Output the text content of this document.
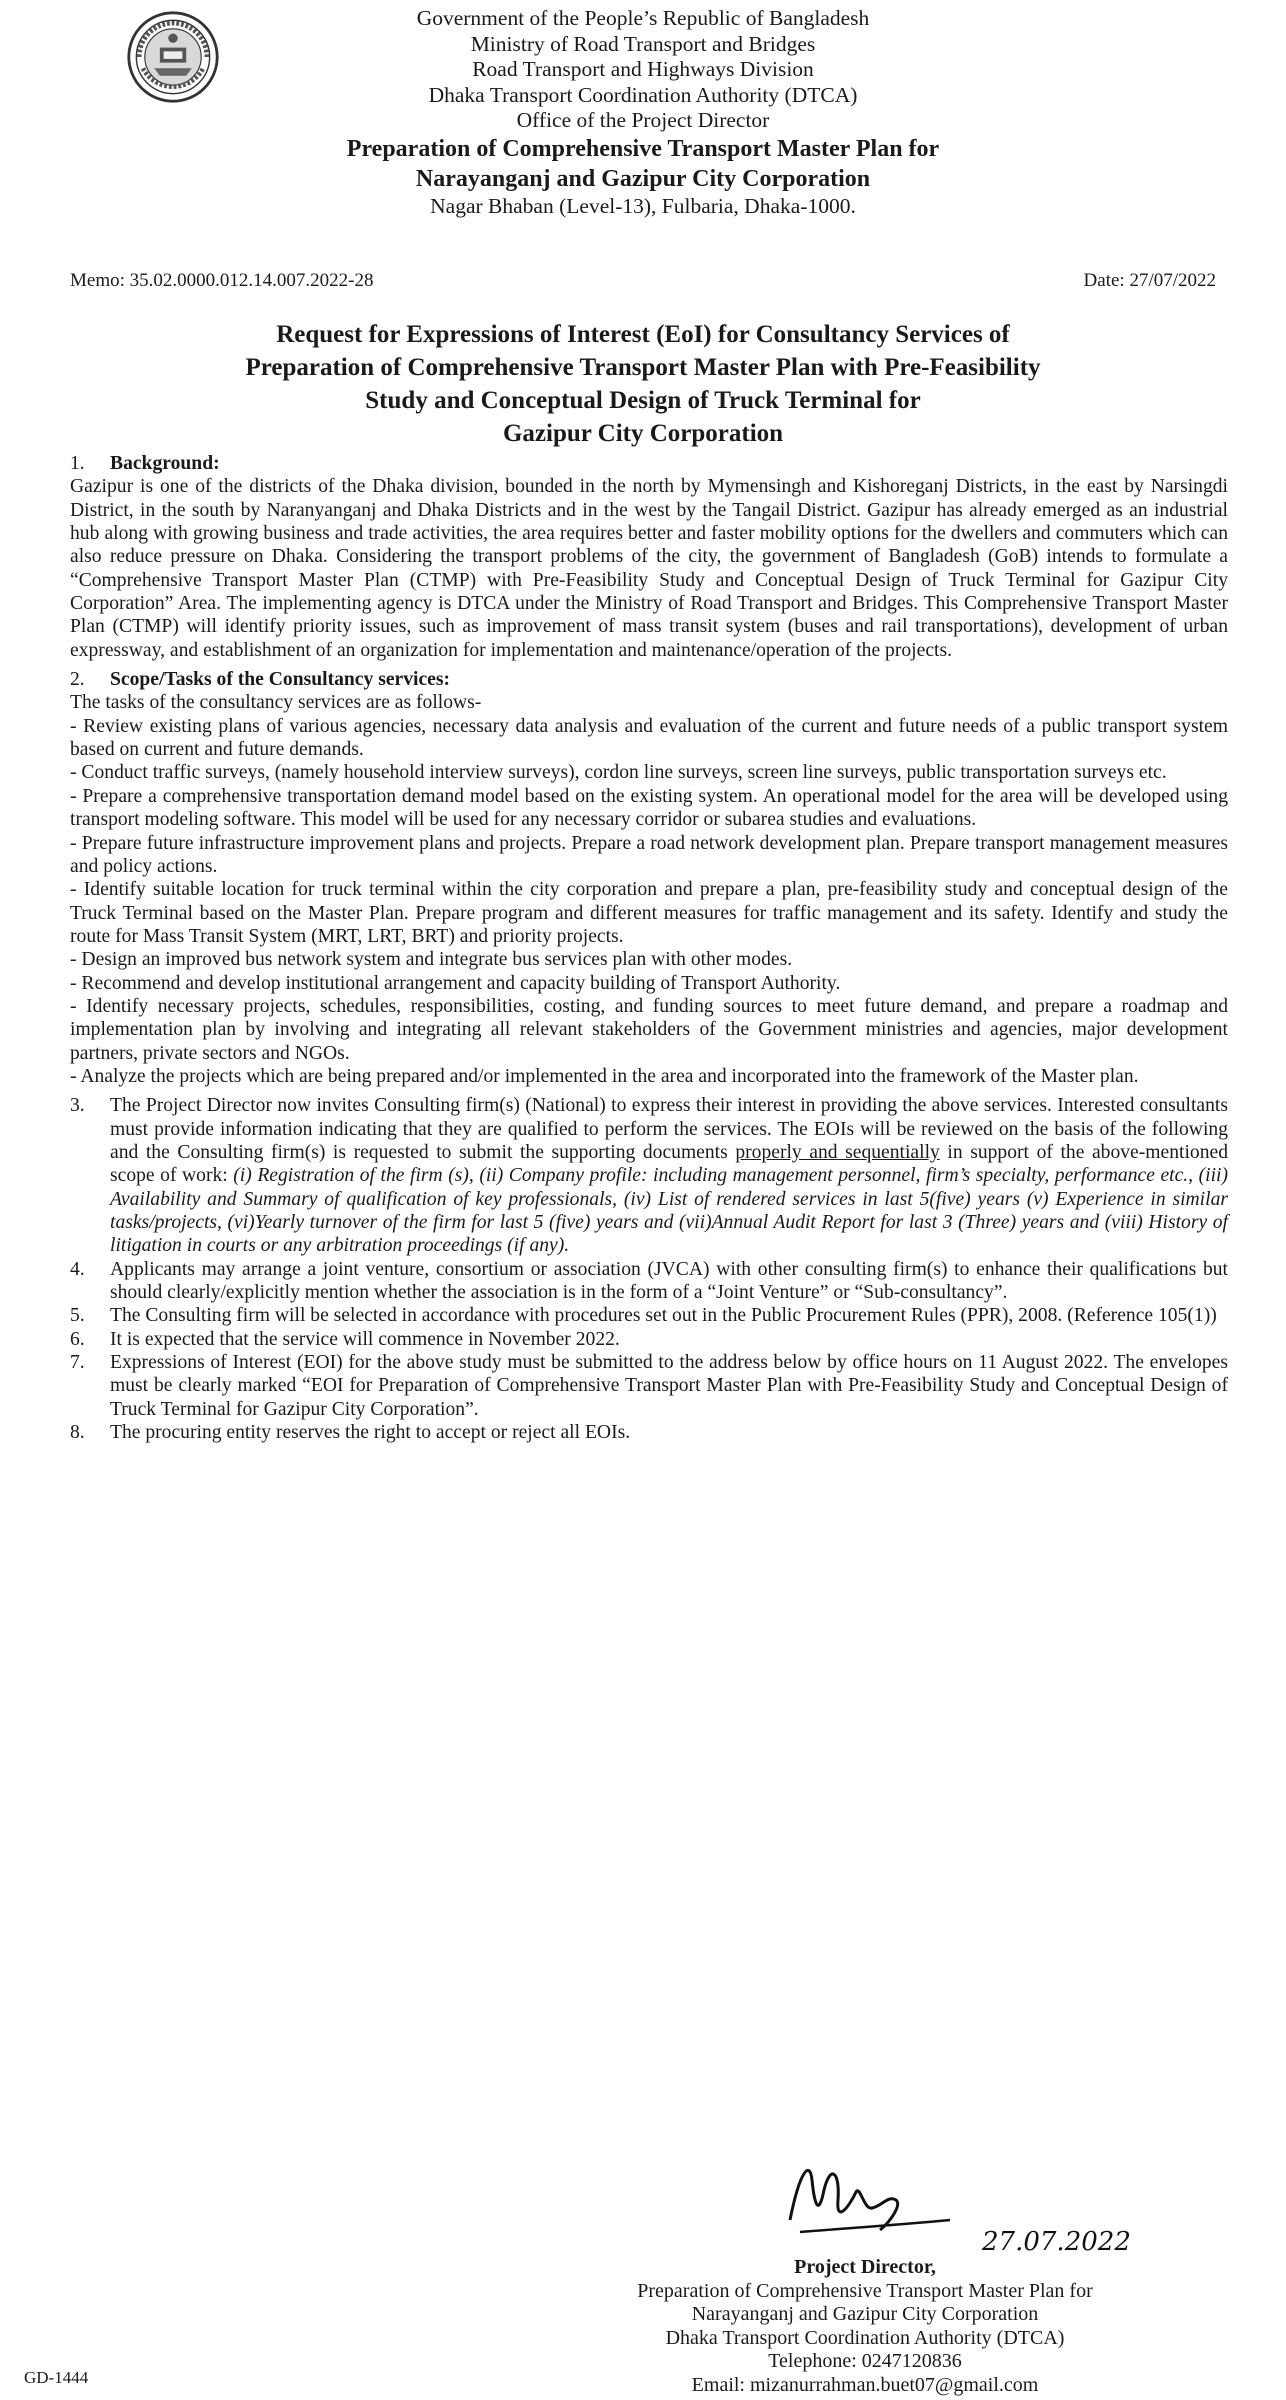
Government of the People’s Republic of Bangladesh
Ministry of Road Transport and Bridges
Road Transport and Highways Division
Dhaka Transport Coordination Authority (DTCA)
Office of the Project Director
Preparation of Comprehensive Transport Master Plan for
Narayanganj and Gazipur City Corporation
Nagar Bhaban (Level-13), Fulbaria, Dhaka-1000.
Memo: 35.02.0000.012.14.007.2022-28	Date: 27/07/2022
Request for Expressions of Interest (EoI) for Consultancy Services of
Preparation of Comprehensive Transport Master Plan with Pre-Feasibility
Study and Conceptual Design of Truck Terminal for
Gazipur City Corporation
1.	Background:

Gazipur is one of the districts of the Dhaka division, bounded in the north by Mymensingh and Kishoreganj Districts, in the east by Narsingdi District, in the south by Naranyanganj and Dhaka Districts and in the west by the Tangail District. Gazipur has already emerged as an industrial hub along with growing business and trade activities, the area requires better and faster mobility options for the dwellers and commuters which can also reduce pressure on Dhaka. Considering the transport problems of the city, the government of Bangladesh (GoB) intends to formulate a “Comprehensive Transport Master Plan (CTMP) with Pre-Feasibility Study and Conceptual Design of Truck Terminal for Gazipur City Corporation” Area. The implementing agency is DTCA under the Ministry of Road Transport and Bridges. This Comprehensive Transport Master Plan (CTMP) will identify priority issues, such as improvement of mass transit system (buses and rail transportations), development of urban expressway, and establishment of an organization for implementation and maintenance/operation of the projects.

2.	Scope/Tasks of the Consultancy services:

The tasks of the consultancy services are as follows-

- Review existing plans of various agencies, necessary data analysis and evaluation of the current and future needs of a public transport system based on current and future demands.

- Conduct traffic surveys, (namely household interview surveys), cordon line surveys, screen line surveys, public transportation surveys etc.

- Prepare a comprehensive transportation demand model based on the existing system. An operational model for the area will be developed using transport modeling software. This model will be used for any necessary corridor or subarea studies and evaluations.

- Prepare future infrastructure improvement plans and projects. Prepare a road network development plan. Prepare transport management measures and policy actions.

- Identify suitable location for truck terminal within the city corporation and prepare a plan, pre-feasibility study and conceptual design of the Truck Terminal based on the Master Plan. Prepare program and different measures for traffic management and its safety. Identify and study the route for Mass Transit System (MRT, LRT, BRT) and priority projects.

- Design an improved bus network system and integrate bus services plan with other modes.

- Recommend and develop institutional arrangement and capacity building of Transport Authority.

- Identify necessary projects, schedules, responsibilities, costing, and funding sources to meet future demand, and prepare a roadmap and implementation plan by involving and integrating all relevant stakeholders of the Government ministries and agencies, major development partners, private sectors and NGOs.

- Analyze the projects which are being prepared and/or implemented in the area and incorporated into the framework of the Master plan.

3.	The Project Director now invites Consulting firm(s) (National) to express their interest in providing the above services. Interested consultants must provide information indicating that they are qualified to perform the services. The EOIs will be reviewed on the basis of the following and the Consulting firm(s) is requested to submit the supporting documents properly and sequentially in support of the above-mentioned scope of work: (i) Registration of the firm (s), (ii) Company profile: including management personnel, firm’s specialty, performance etc., (iii) Availability and Summary of qualification of key professionals, (iv) List of rendered services in last 5(five) years (v) Experience in similar tasks/projects, (vi)Yearly turnover of the firm for last 5 (five) years and (vii)Annual Audit Report for last 3 (Three) years and (viii) History of litigation in courts or any arbitration proceedings (if any).
4.	Applicants may arrange a joint venture, consortium or association (JVCA) with other consulting firm(s) to enhance their qualifications but should clearly/explicitly mention whether the association is in the form of a “Joint Venture” or “Sub-consultancy”.
5.	The Consulting firm will be selected in accordance with procedures set out in the Public Procurement Rules (PPR), 2008. (Reference 105(1))
6.	It is expected that the service will commence in November 2022.
7.	Expressions of Interest (EOI) for the above study must be submitted to the address below by office hours on 11 August 2022. The envelopes must be clearly marked “EOI for Preparation of Comprehensive Transport Master Plan with Pre-Feasibility Study and Conceptual Design of Truck Terminal for Gazipur City Corporation”.
8.	The procuring entity reserves the right to accept or reject all EOIs.
27.07.2022
Project Director,
Preparation of Comprehensive Transport Master Plan for
Narayanganj and Gazipur City Corporation
Dhaka Transport Coordination Authority (DTCA)
Telephone: 0247120836
Email: mizanurrahman.buet07@gmail.com
GD-1444
